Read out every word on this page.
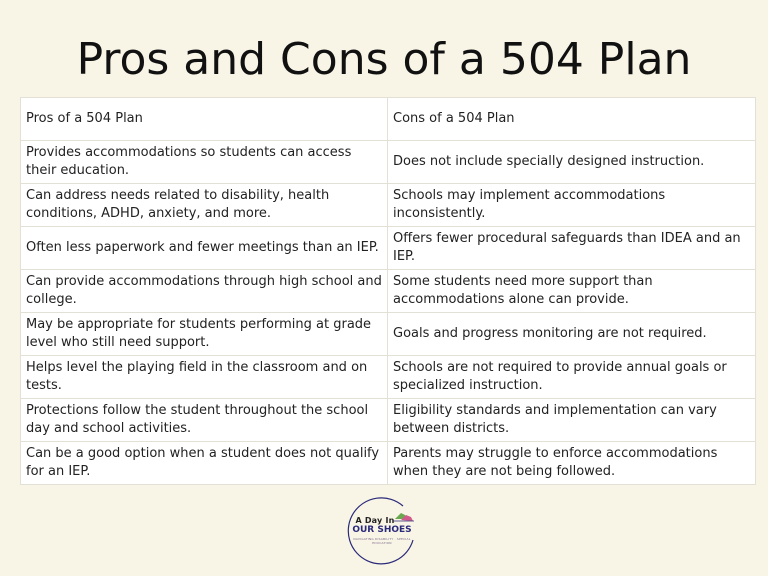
Pros and Cons of a 504 Plan
Pros of a 504 Plan	Cons of a 504 Plan
Provides accommodations so students can access their education.	Does not include specially designed instruction.
Can address needs related to disability, health conditions, ADHD, anxiety, and more.	Schools may implement accommodations inconsistently.
Often less paperwork and fewer meetings than an IEP.	Offers fewer procedural safeguards than IDEA and an IEP.
Can provide accommodations through high school and college.	Some students need more support than accommodations alone can provide.
May be appropriate for students performing at grade level who still need support.	Goals and progress monitoring are not required.
Helps level the playing field in the classroom and on tests.	Schools are not required to provide annual goals or specialized instruction.
Protections follow the student throughout the school day and school activities.	Eligibility standards and implementation can vary between districts.
Can be a good option when a student does not qualify for an IEP.	Parents may struggle to enforce accommodations when they are not being followed.
A Day In
OUR SHOES
NAVIGATING DISABILITY · SPECIAL EDUCATION
